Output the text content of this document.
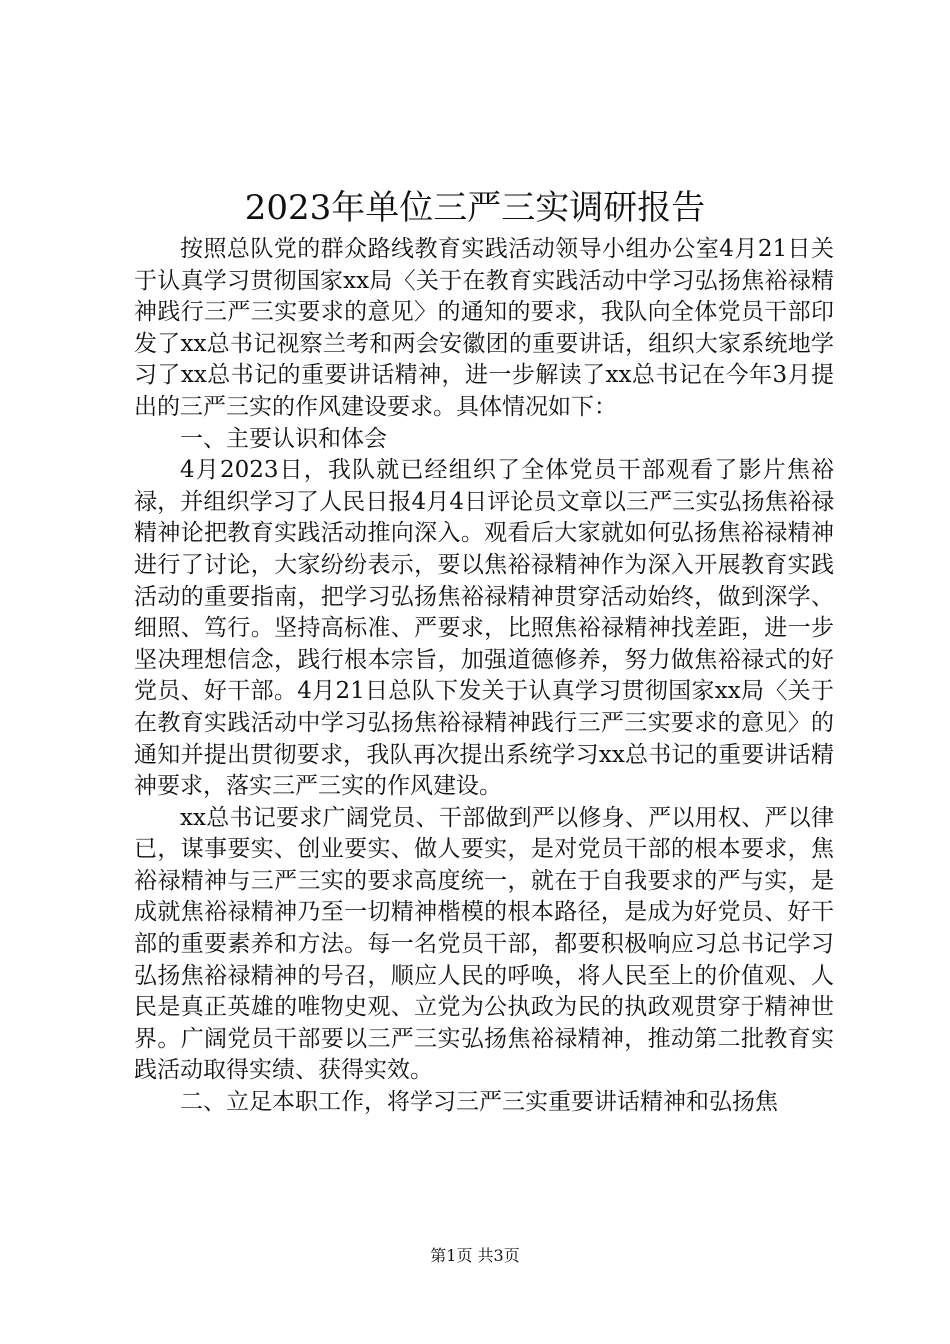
2023年单位三严三实调研报告

按照总队党的群众路线教育实践活动领导小组办公室4月21日关于认真学习贯彻国家xx局〈关于在教育实践活动中学习弘扬焦裕禄精神践行三严三实要求的意见〉的通知的要求，我队向全体党员干部印发了xx总书记视察兰考和两会安徽团的重要讲话，组织大家系统地学习了xx总书记的重要讲话精神，进一步解读了xx总书记在今年3月提出的三严三实的作风建设要求。具体情况如下：

一、主要认识和体会

4月2023日，我队就已经组织了全体党员干部观看了影片焦裕禄，并组织学习了人民日报4月4日评论员文章以三严三实弘扬焦裕禄精神论把教育实践活动推向深入。观看后大家就如何弘扬焦裕禄精神进行了讨论，大家纷纷表示，要以焦裕禄精神作为深入开展教育实践活动的重要指南，把学习弘扬焦裕禄精神贯穿活动始终，做到深学、细照、笃行。坚持高标准、严要求，比照焦裕禄精神找差距，进一步坚决理想信念，践行根本宗旨，加强道德修养，努力做焦裕禄式的好党员、好干部。4月21日总队下发关于认真学习贯彻国家xx局〈关于在教育实践活动中学习弘扬焦裕禄精神践行三严三实要求的意见〉的通知并提出贯彻要求，我队再次提出系统学习xx总书记的重要讲话精神要求，落实三严三实的作风建设。

xx总书记要求广阔党员、干部做到严以修身、严以用权、严以律已，谋事要实、创业要实、做人要实，是对党员干部的根本要求，焦裕禄精神与三严三实的要求高度统一，就在于自我要求的严与实，是成就焦裕禄精神乃至一切精神楷模的根本路径，是成为好党员、好干部的重要素养和方法。每一名党员干部，都要积极响应习总书记学习弘扬焦裕禄精神的号召，顺应人民的呼唤，将人民至上的价值观、人民是真正英雄的唯物史观、立党为公执政为民的执政观贯穿于精神世界。广阔党员干部要以三严三实弘扬焦裕禄精神，推动第二批教育实践活动取得实绩、获得实效。

二、立足本职工作，将学习三严三实重要讲话精神和弘扬焦

第1页 共3页
